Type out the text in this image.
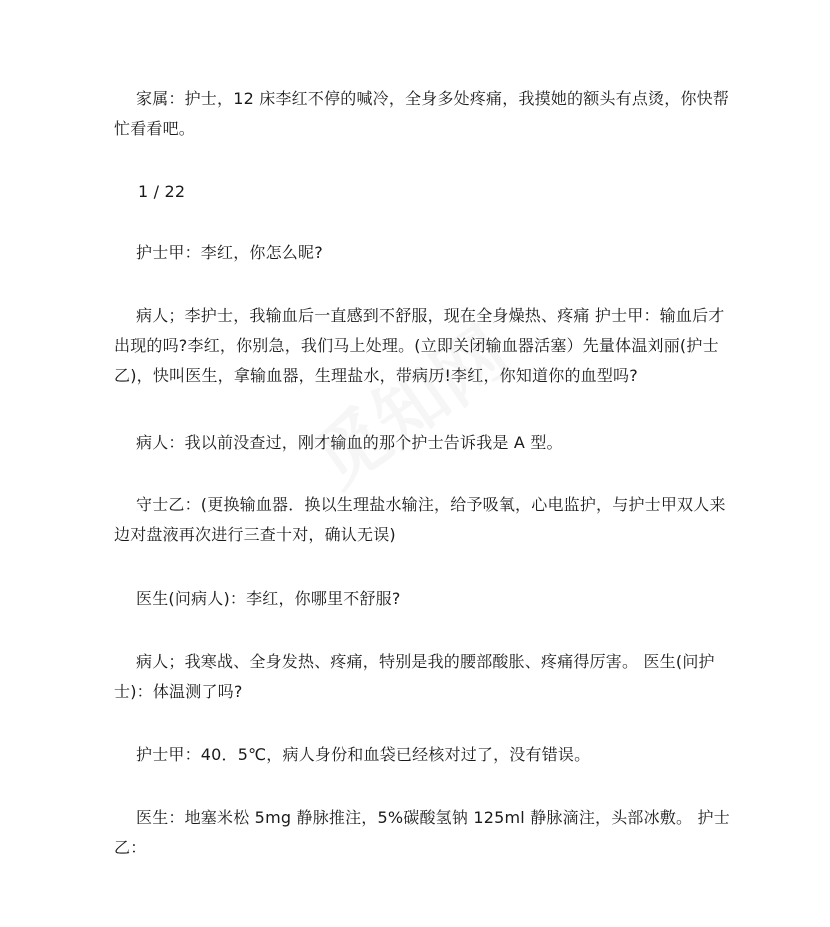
家属：护士，12 床李红不停的喊冷，全身多处疼痛，我摸她的额头有点烫，你快帮忙看看吧。

1 / 22

护士甲：李红，你怎么昵?

病人；李护士，我输血后一直感到不舒服，现在全身燥热、疼痛 护士甲：输血后才出现的吗?李红，你别急，我们马上处理。(立即关闭输血器活塞）先量体温刘丽(护士乙)，快叫医生，拿输血器，生理盐水，带病历!李红，你知道你的血型吗?

病人：我以前没查过，刚才输血的那个护士告诉我是 A 型。

守士乙：(更换输血器．换以生理盐水输注，给予吸氧，心电监护，与护士甲双人来边对盘液再次进行三查十对，确认无误)

医生(问病人)：李红，你哪里不舒服?

病人；我寒战、全身发热、疼痛，特别是我的腰部酸胀、疼痛得厉害。 医生(问护士)：体温测了吗?

护士甲：40．5℃，病人身份和血袋已经核对过了，没有错误。

医生：地塞米松 5mg 静脉推注，5%碳酸氢钠 125ml 静脉滴注，头部冰敷。 护士乙：
